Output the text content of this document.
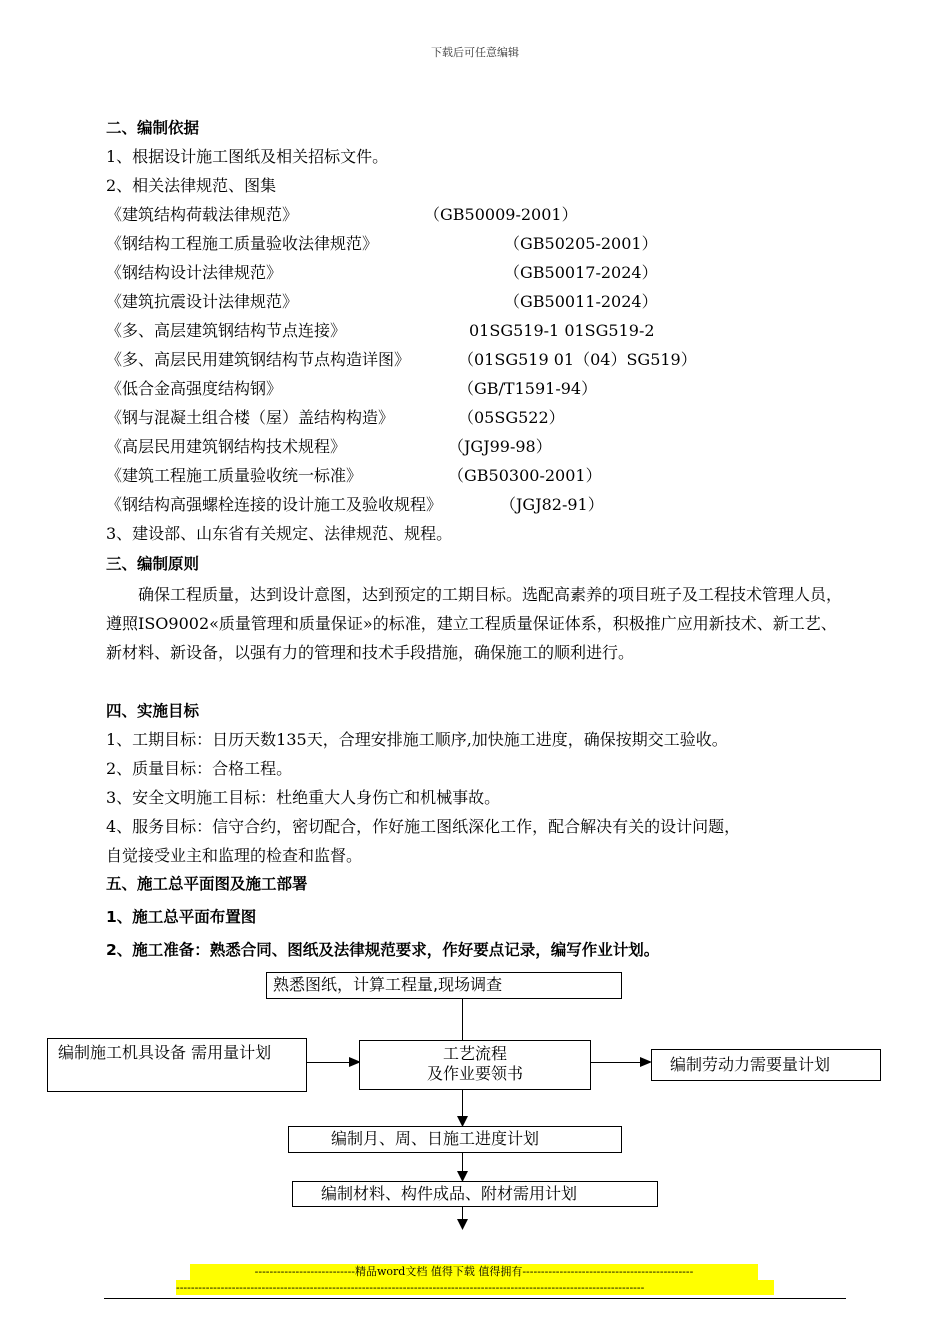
下载后可任意编辑
二、编制依据
1、根据设计施工图纸及相关招标文件。
2、相关法律规范、图集
《建筑结构荷载法律规范》	（GB50009-2001）
《钢结构工程施工质量验收法律规范》	（GB50205-2001）
《钢结构设计法律规范》	（GB50017-2024）
《建筑抗震设计法律规范》	（GB50011-2024）
《多、高层建筑钢结构节点连接》	01SG519-1 01SG519-2
《多、高层民用建筑钢结构节点构造详图》	（01SG519 01（04）SG519）
《低合金高强度结构钢》	（GB/T1591-94）
《钢与混凝土组合楼（屋）盖结构构造》	（05SG522）
《高层民用建筑钢结构技术规程》	（JGJ99-98）
《建筑工程施工质量验收统一标准》	（GB50300-2001）
《钢结构高强螺栓连接的设计施工及验收规程》	（JGJ82-91）
3、建设部、山东省有关规定、法律规范、规程。
三、编制原则
确保工程质量，达到设计意图，达到预定的工期目标。选配高素养的项目班子及工程技术管理人员，遵照ISO9002«质量管理和质量保证»的标准，建立工程质量保证体系，积极推广应用新技术、新工艺、新材料、新设备，以强有力的管理和技术手段措施，确保施工的顺利进行。
四、实施目标
1、工期目标：日历天数135天，合理安排施工顺序,加快施工进度，确保按期交工验收。
2、质量目标：合格工程。
3、安全文明施工目标：杜绝重大人身伤亡和机械事故。
4、服务目标：信守合约，密切配合，作好施工图纸深化工作，配合解决有关的设计问题，
自觉接受业主和监理的检查和监督。
五、施工总平面图及施工部署
1、施工总平面布置图
2、施工准备：熟悉合同、图纸及法律规范要求，作好要点记录，编写作业计划。
熟悉图纸，计算工程量,现场调查
编制施工机具设备 需用量计划	工艺流程
及作业要领书	编制劳动力需要量计划
编制月、周、日施工进度计划
编制材料、构件成品、附材需用计划
---------------------------精品word文档 值得下载 值得拥有----------------------------------------------
------------------------------------------------------------------------------------------------------------------------------
